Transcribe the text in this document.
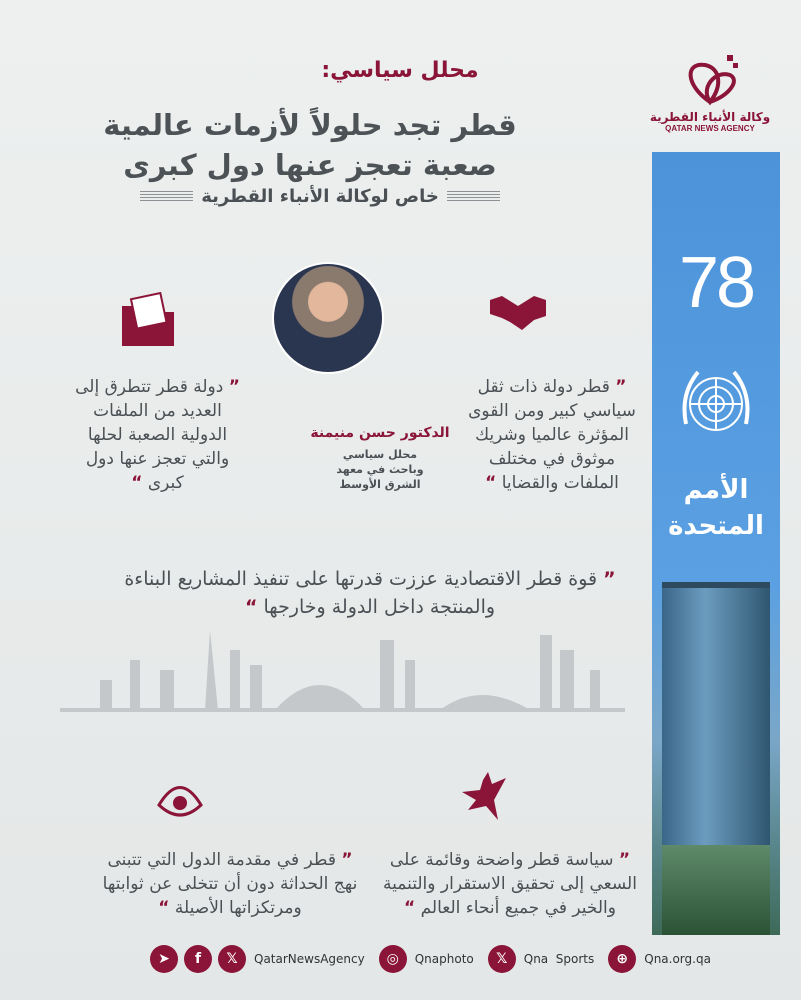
محلل سياسي:
قطر تجد حلولاً لأزمات عالمية
صعبة تعجز عنها دول كبرى
خاص لوكالة الأنباء القطرية
وكالة الأنباء القطرية
QATAR NEWS AGENCY
78
الأمم
المتحدة
” قطر دولة ذات ثقل سياسي كبير ومن القوى المؤثرة عالميا وشريك موثوق في مختلف الملفات والقضايا “
” دولة قطر تتطرق إلى العديد من الملفات الدولية الصعبة لحلها والتي تعجز عنها دول كبرى “
الدكتور حسن منيمنة
محلل سياسي
وباحث في معهد
الشرق الأوسط
” قوة قطر الاقتصادية عززت قدرتها على تنفيذ المشاريع البناءة والمنتجة داخل الدولة وخارجها “
” سياسة قطر واضحة وقائمة على السعي إلى تحقيق الاستقرار والتنمية والخير في جميع أنحاء العالم “
” قطر في مقدمة الدول التي تتبنى نهج الحداثة دون أن تتخلى عن ثوابتها ومرتكزاتها الأصيلة “
➤	f	𝕏	QatarNewsAgency	◎	Qnaphoto	𝕏	Qna  Sports	⊕	Qna.org.qa
